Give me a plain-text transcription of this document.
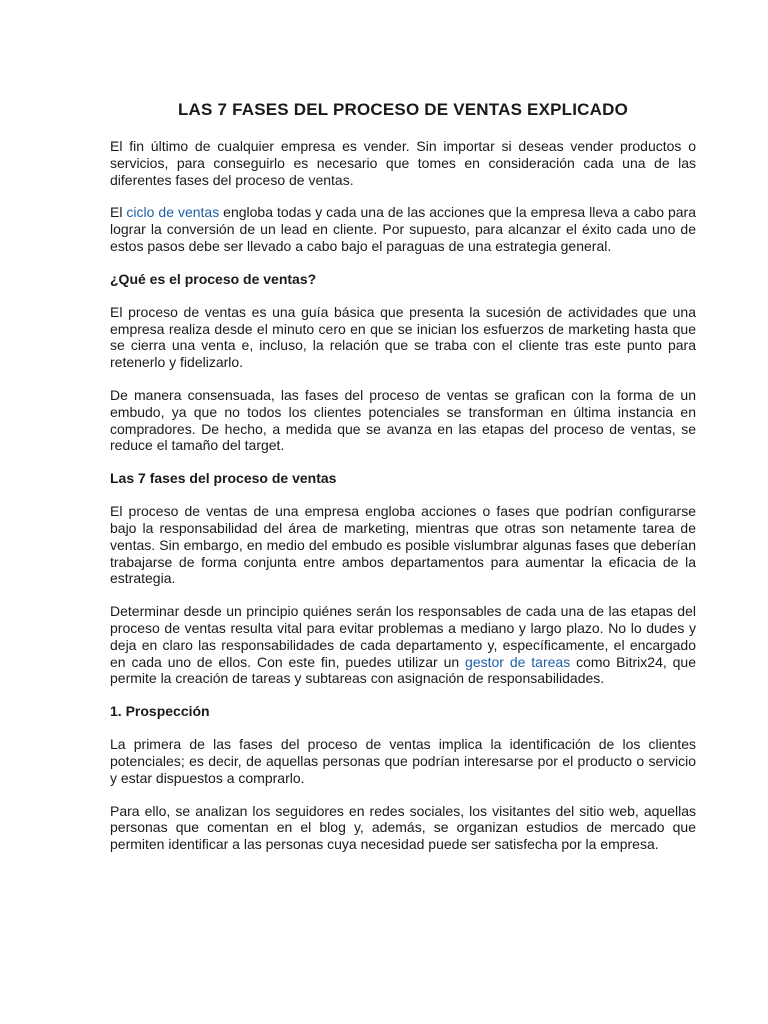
LAS 7 FASES DEL PROCESO DE VENTAS EXPLICADO

El fin último de cualquier empresa es vender. Sin importar si deseas vender productos o servicios, para conseguirlo es necesario que tomes en consideración cada una de las diferentes fases del proceso de ventas.

El ciclo de ventas engloba todas y cada una de las acciones que la empresa lleva a cabo para lograr la conversión de un lead en cliente. Por supuesto, para alcanzar el éxito cada uno de estos pasos debe ser llevado a cabo bajo el paraguas de una estrategia general.

¿Qué es el proceso de ventas?

El proceso de ventas es una guía básica que presenta la sucesión de actividades que una empresa realiza desde el minuto cero en que se inician los esfuerzos de marketing hasta que se cierra una venta e, incluso, la relación que se traba con el cliente tras este punto para retenerlo y fidelizarlo.

De manera consensuada, las fases del proceso de ventas se grafican con la forma de un embudo, ya que no todos los clientes potenciales se transforman en última instancia en compradores. De hecho, a medida que se avanza en las etapas del proceso de ventas, se reduce el tamaño del target.

Las 7 fases del proceso de ventas

El proceso de ventas de una empresa engloba acciones o fases que podrían configurarse bajo la responsabilidad del área de marketing, mientras que otras son netamente tarea de ventas. Sin embargo, en medio del embudo es posible vislumbrar algunas fases que deberían trabajarse de forma conjunta entre ambos departamentos para aumentar la eficacia de la estrategia.

Determinar desde un principio quiénes serán los responsables de cada una de las etapas del proceso de ventas resulta vital para evitar problemas a mediano y largo plazo. No lo dudes y deja en claro las responsabilidades de cada departamento y, específicamente, el encargado en cada uno de ellos. Con este fin, puedes utilizar un gestor de tareas como Bitrix24, que permite la creación de tareas y subtareas con asignación de responsabilidades.

1. Prospección

La primera de las fases del proceso de ventas implica la identificación de los clientes potenciales; es decir, de aquellas personas que podrían interesarse por el producto o servicio y estar dispuestos a comprarlo.

Para ello, se analizan los seguidores en redes sociales, los visitantes del sitio web, aquellas personas que comentan en el blog y, además, se organizan estudios de mercado que permiten identificar a las personas cuya necesidad puede ser satisfecha por la empresa.
